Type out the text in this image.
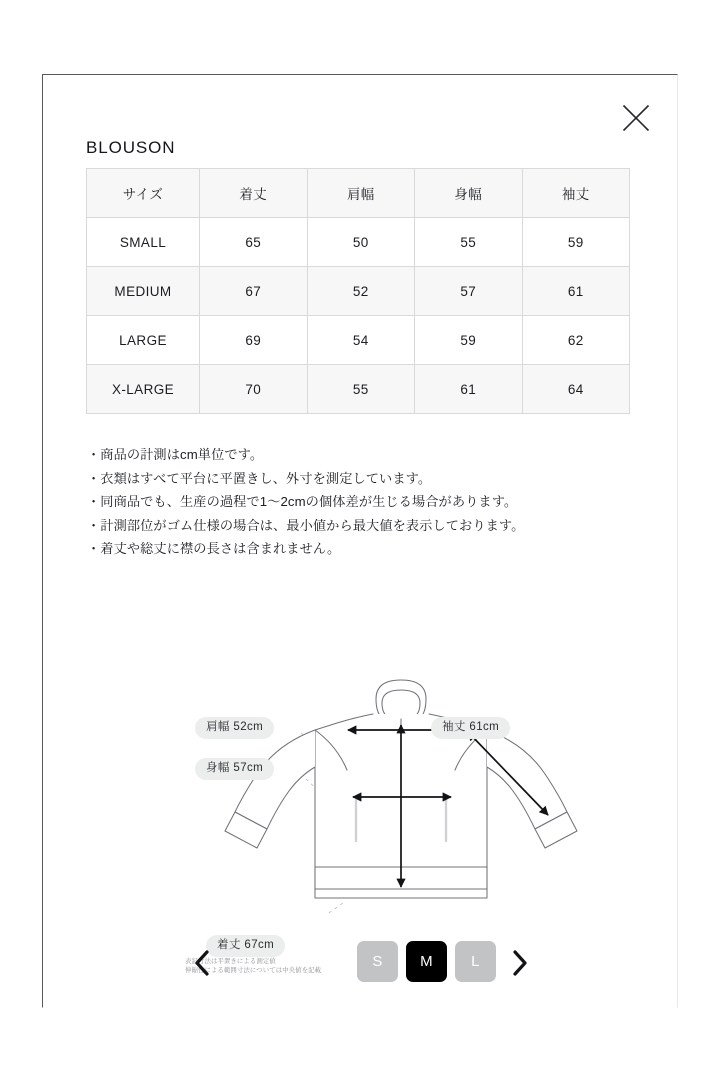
BLOUSON
サイズ	着丈	肩幅	身幅	袖丈
SMALL	65	50	55	59
MEDIUM	67	52	57	61
LARGE	69	54	59	62
X-LARGE	70	55	61	64
・商品の計測はcm単位です。
・衣類はすべて平台に平置きし、外寸を測定しています。
・同商品でも、生産の過程で1〜2cmの個体差が生じる場合があります。
・計測部位がゴム仕様の場合は、最小値から最大値を表示しております。
・着丈や総丈に襟の長さは含まれません。
肩幅 52cm
身幅 57cm
袖丈 61cm
着丈 67cm
表記寸法は平置きによる測定値
伸縮性による範囲寸法については中央値を記載
S M	L
